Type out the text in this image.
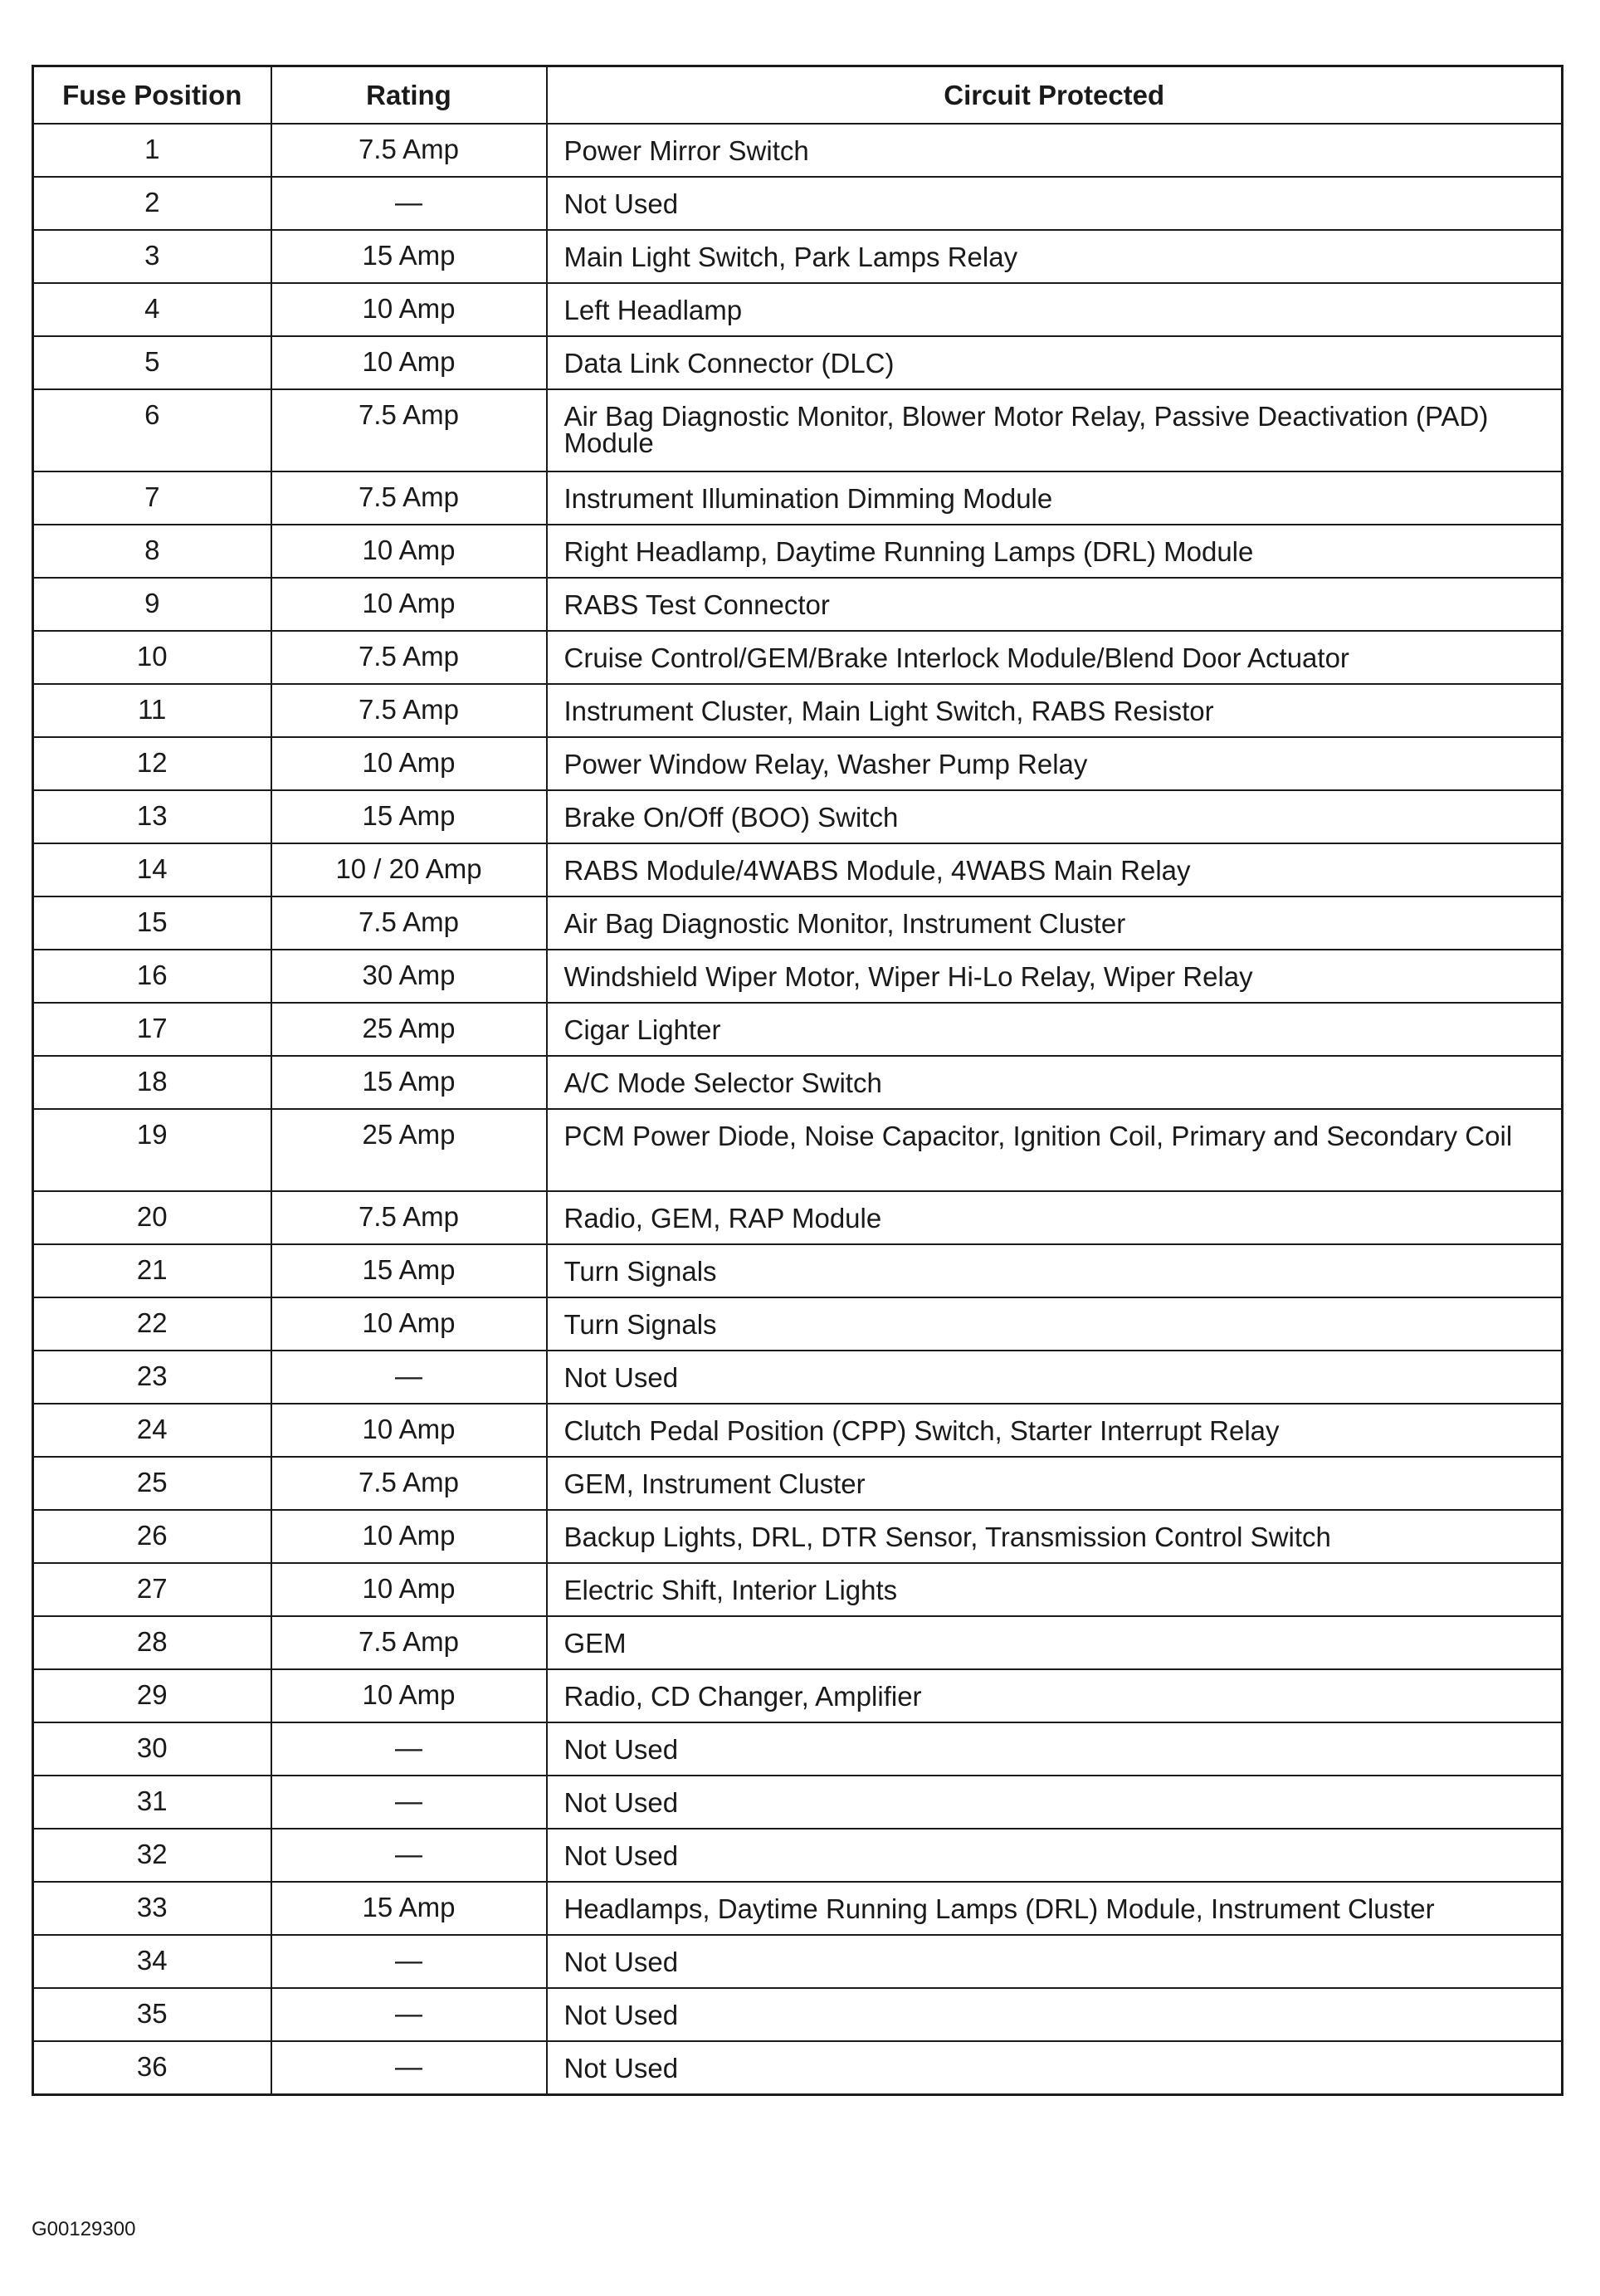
Fuse Position	Rating	Circuit Protected
1	7.5 Amp	Power Mirror Switch
2	—	Not Used
3	15 Amp	Main Light Switch, Park Lamps Relay
4	10 Amp	Left Headlamp
5	10 Amp	Data Link Connector (DLC)
6	7.5 Amp	Air Bag Diagnostic Monitor, Blower Motor Relay, Passive Deactivation (PAD) Module
7	7.5 Amp	Instrument Illumination Dimming Module
8	10 Amp	Right Headlamp, Daytime Running Lamps (DRL) Module
9	10 Amp	RABS Test Connector
10	7.5 Amp	Cruise Control/GEM/Brake Interlock Module/Blend Door Actuator
11	7.5 Amp	Instrument Cluster, Main Light Switch, RABS Resistor
12	10 Amp	Power Window Relay, Washer Pump Relay
13	15 Amp	Brake On/Off (BOO) Switch
14	10 / 20 Amp	RABS Module/4WABS Module, 4WABS Main Relay
15	7.5 Amp	Air Bag Diagnostic Monitor, Instrument Cluster
16	30 Amp	Windshield Wiper Motor, Wiper Hi-Lo Relay, Wiper Relay
17	25 Amp	Cigar Lighter
18	15 Amp	A/C Mode Selector Switch
19	25 Amp	PCM Power Diode, Noise Capacitor, Ignition Coil, Primary and Secondary Coil
20	7.5 Amp	Radio, GEM, RAP Module
21	15 Amp	Turn Signals
22	10 Amp	Turn Signals
23	—	Not Used
24	10 Amp	Clutch Pedal Position (CPP) Switch, Starter Interrupt Relay
25	7.5 Amp	GEM, Instrument Cluster
26	10 Amp	Backup Lights, DRL, DTR Sensor, Transmission Control Switch
27	10 Amp	Electric Shift, Interior Lights
28	7.5 Amp	GEM
29	10 Amp	Radio, CD Changer, Amplifier
30	—	Not Used
31	—	Not Used
32	—	Not Used
33	15 Amp	Headlamps, Daytime Running Lamps (DRL) Module, Instrument Cluster
34	—	Not Used
35	—	Not Used
36	—	Not Used
G00129300
